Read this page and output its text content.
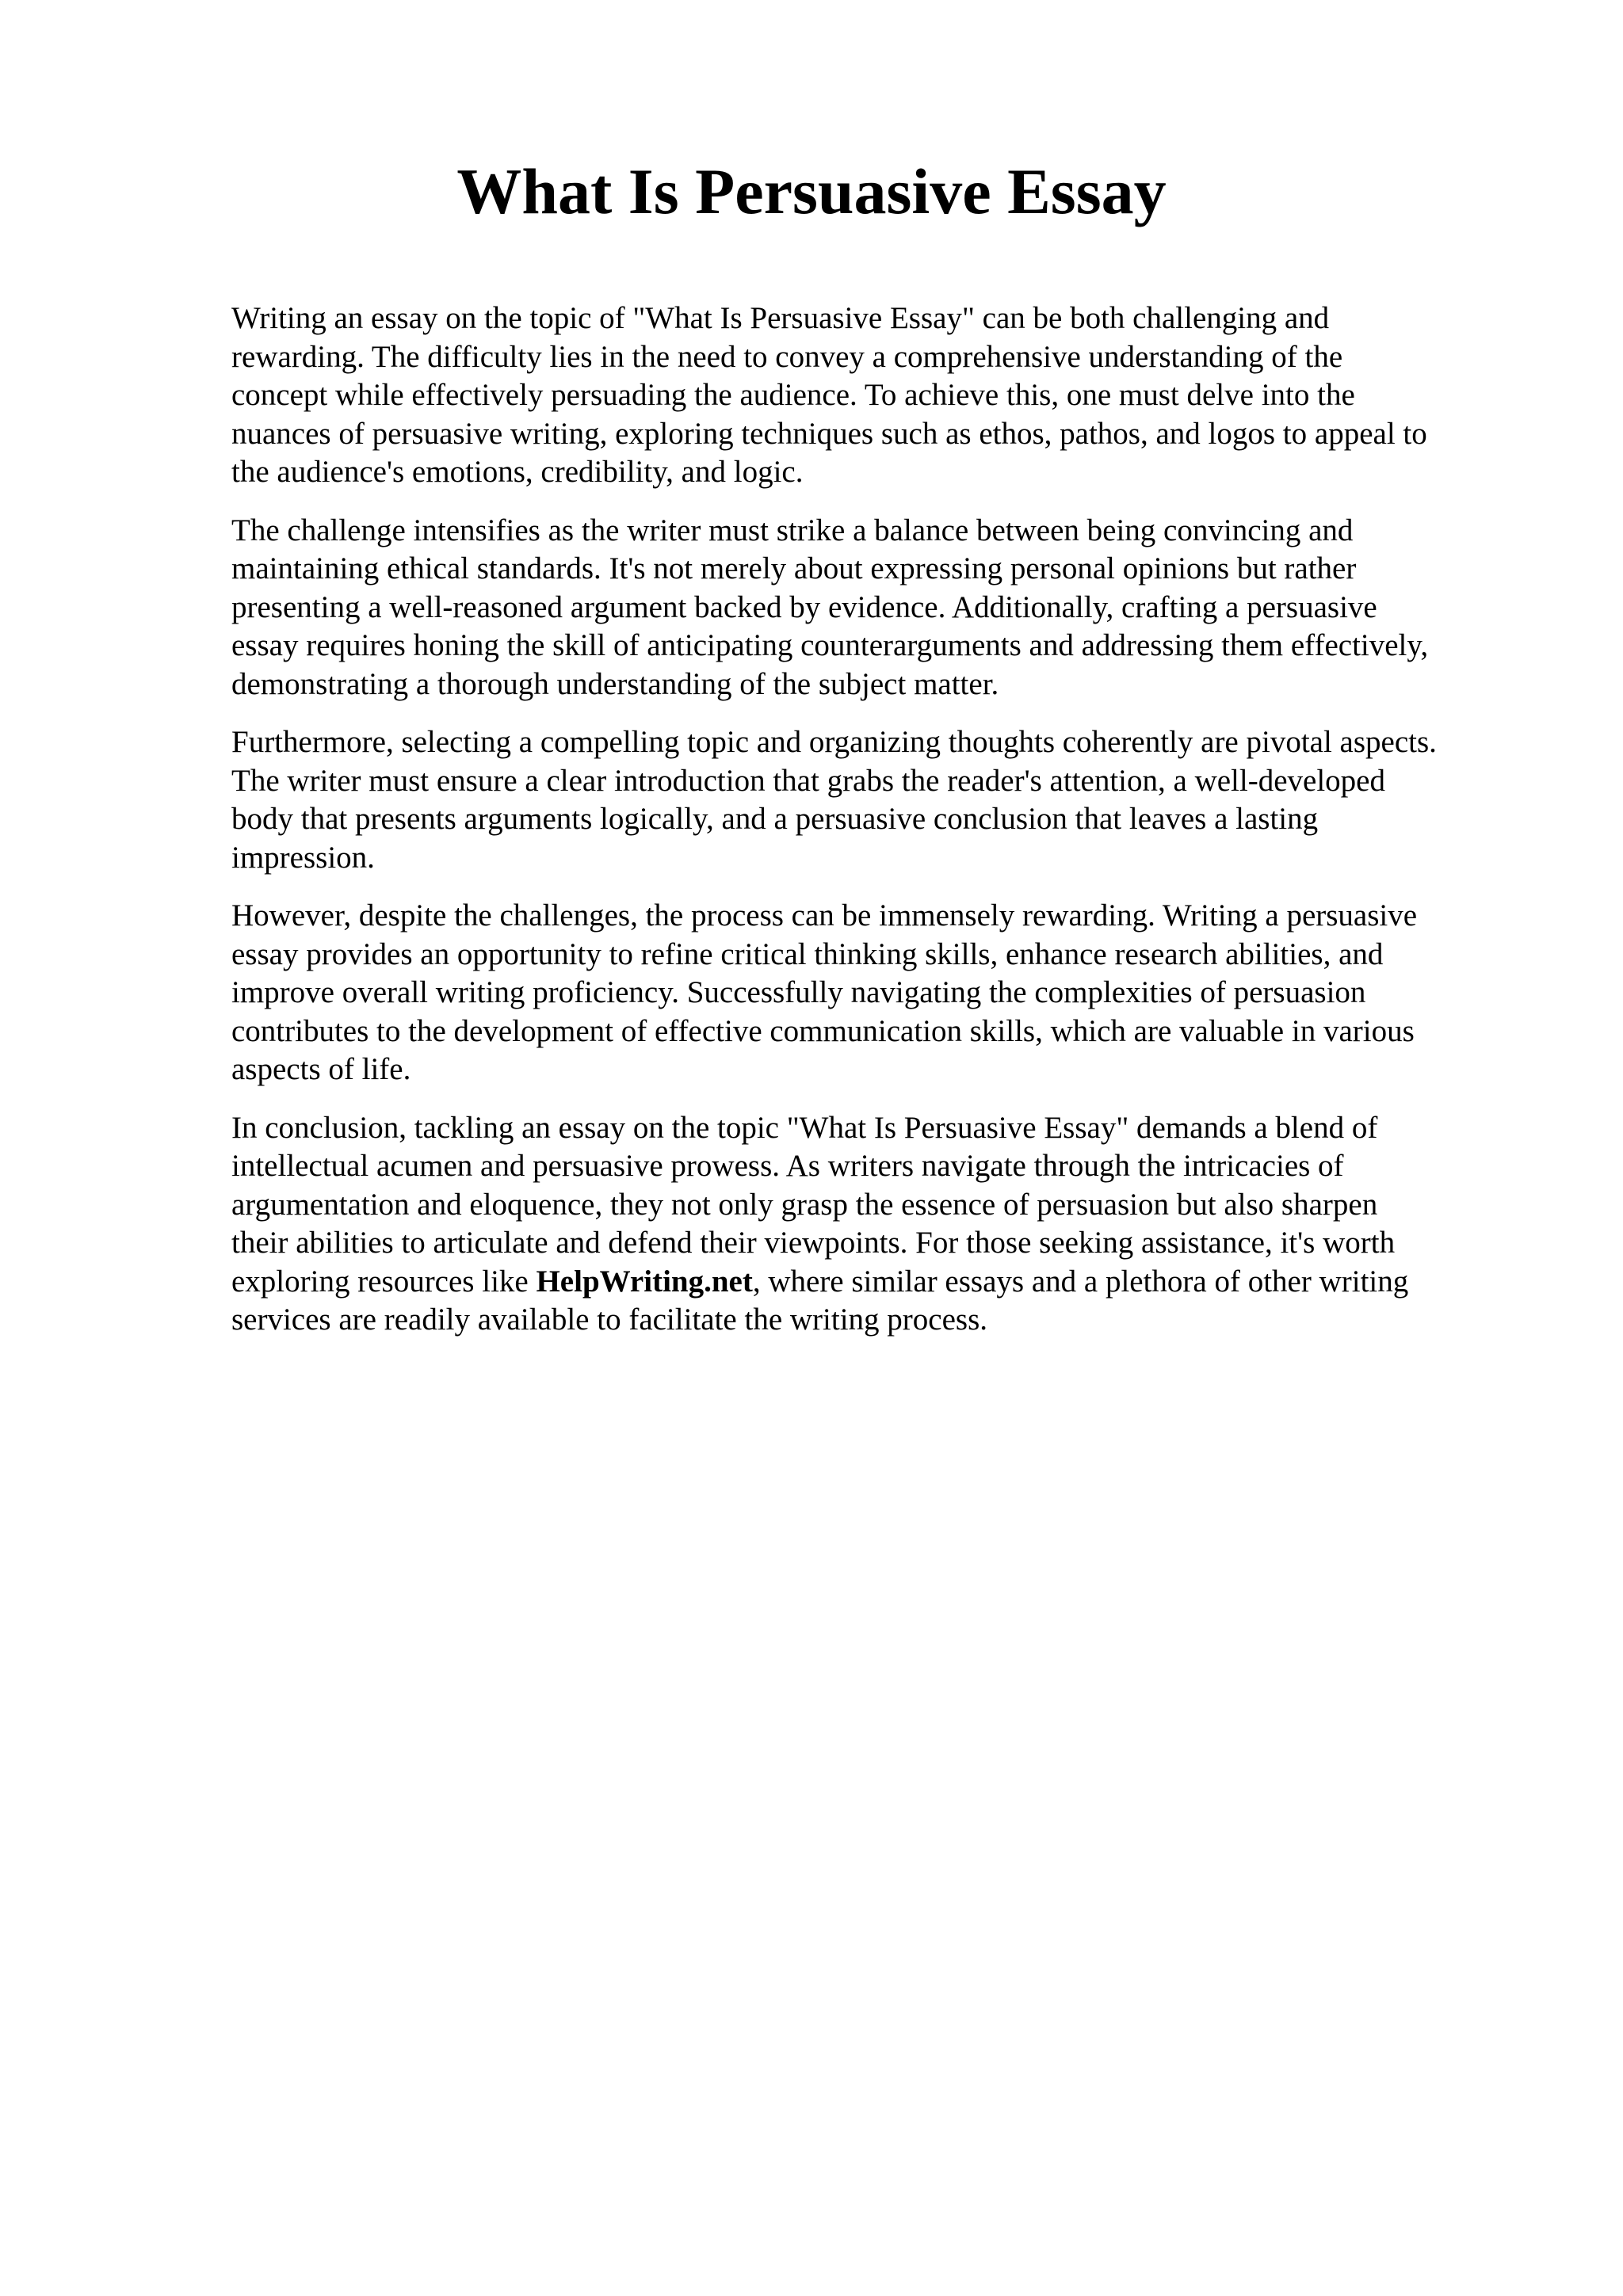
What Is Persuasive Essay

Writing an essay on the topic of "What Is Persuasive Essay" can be both challenging and
rewarding. The difficulty lies in the need to convey a comprehensive understanding of the
concept while effectively persuading the audience. To achieve this, one must delve into the
nuances of persuasive writing, exploring techniques such as ethos, pathos, and logos to appeal to
the audience's emotions, credibility, and logic.

The challenge intensifies as the writer must strike a balance between being convincing and
maintaining ethical standards. It's not merely about expressing personal opinions but rather
presenting a well-reasoned argument backed by evidence. Additionally, crafting a persuasive
essay requires honing the skill of anticipating counterarguments and addressing them effectively,
demonstrating a thorough understanding of the subject matter.

Furthermore, selecting a compelling topic and organizing thoughts coherently are pivotal aspects.
The writer must ensure a clear introduction that grabs the reader's attention, a well-developed
body that presents arguments logically, and a persuasive conclusion that leaves a lasting
impression.

However, despite the challenges, the process can be immensely rewarding. Writing a persuasive
essay provides an opportunity to refine critical thinking skills, enhance research abilities, and
improve overall writing proficiency. Successfully navigating the complexities of persuasion
contributes to the development of effective communication skills, which are valuable in various
aspects of life.

In conclusion, tackling an essay on the topic "What Is Persuasive Essay" demands a blend of
intellectual acumen and persuasive prowess. As writers navigate through the intricacies of
argumentation and eloquence, they not only grasp the essence of persuasion but also sharpen
their abilities to articulate and defend their viewpoints. For those seeking assistance, it's worth
exploring resources like HelpWriting.net, where similar essays and a plethora of other writing
services are readily available to facilitate the writing process.
